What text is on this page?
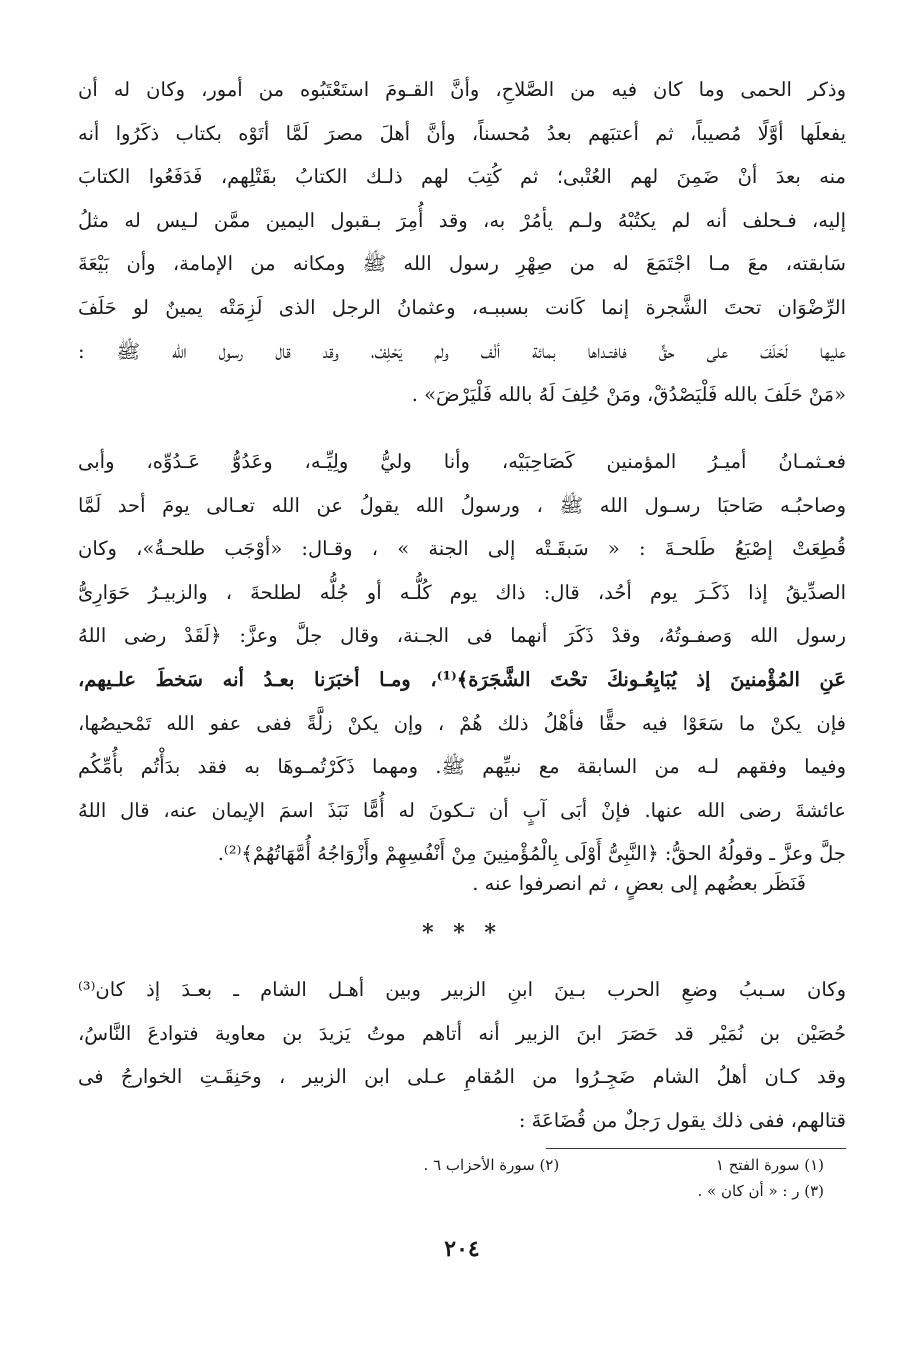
وذكر الحمى وما كان فيه من الصَّلاحِ، وأنَّ القـومَ استَعْتَبُوه من أمور، وكان له أن
يفعلَها أوَّلًا مُصيباً، ثم أعتبَهم بعدُ مُحسناً، وأنَّ أهلَ مصرَ لَمَّا أتَوْه بكتاب ذكَرُوا أنه
منه بعدَ أنْ ضَمِنَ لهم العُتْبى؛ ثم كُتِبَ لهم ذلـك الكتابُ بقَتْلِهم، فَدَفَعُوا الكتابَ
إليه، فـحلف أنه لم يكتُبْهُ ولـم يأمُرْ به، وقد أُمِرَ بـقبول اليمين ممَّن لـيس له مثلُ
سَابقته، معَ مـا اجْتَمَعَ له من صِهْرِ رسول الله ﷺ ومكانه من الإمامة، وأن بَيْعَةَ
الرِّضْوَان تحتَ الشَّجرة إنما كَانت بسببـه، وعثمانُ الرجل الذى لَزِمَتْه يمينٌ لو حَلَفَ
عليها لَحَلَفَ على حقٍّ فافتـداها بمائة ألْف ولم يَحْلِفْ، وقد قال رسول الله ﷺ :
«مَنْ حَلَفَ بالله فَلْيَصْدُقْ، ومَنْ حُلِفَ لَهُ بالله فَلْيَرْضَ» .
فعـثمـانُ أميـرُ المؤمنين كَصَاحِبَيْه، وأنا وليُّ ولِيِّـه، وعَدُوُّ عَـدُوِّه، وأبى
وصاحبُـه صَاحبَا رسـول الله ﷺ ، ورسولُ الله يقولُ عن الله تعـالى يومَ أحد لَمَّا
قُطِعَتْ إصْبَعُ طَلحـةَ : « سَبقَـتْه إلى الجنة » ، وقـال: «أوْجَب طلحـةُ»، وكان
الصدِّيقُ إذا ذَكَـرَ يوم أحُد، قال: ذاك يوم كُلُّـه أو جُلُّه لطلحةَ ، والزبيـرُ حَوَارِىُّ
رسول الله وَصفـوتُهُ، وقدْ ذَكَرَ أنهما فى الجـنة، وقال جلَّ وعزَّ: ﴿لَقَدْ رضى اللهُ
عَنِ المُؤْمنينَ إذ يُبَايِعُـونكَ تحْتَ الشَّجَرَة﴾⁽¹⁾، ومـا أخبَرَنا بعـدُ أنه سَخطَ علـيهم،
فإن يكنْ ما سَعَوْا فيه حقًّا فأهْلُ ذلك هُمْ ، وإن يكنْ زلَّةً ففى عفو الله تَمْحيصُها،
وفيما وفقهم لـه من السابقة مع نبيِّهم ﷺ. ومهما ذَكَرْتُمـوهَا به فقد بدَأْتُم بأُمِّكُم
عائشةَ رضى الله عنها. فإنْ أبَى آبٍ أن تـكونَ له أُمًّا نَبَذَ اسمَ الإيمان عنه، قال اللهُ
جلَّ وعزَّ ـ وقولُهُ الحقُّ: ﴿النَّبِىُّ أَوْلَى بِالْمُؤْمنِينَ مِنْ أَنْفُسِهِمْ وأَزْوَاجُهُ أُمَّهَاتُهُمْ﴾⁽²⁾.
فَنَظَر بعضُهم إلى بعضٍ ، ثم انصرفوا عنه .
* * *
وكان سـببُ وضعِ الحرب بـينَ ابنِ الزبير وبين أهـل الشام ـ بعـدَ إذ كان⁽³⁾
حُصَيْن بن نُمَيْر قد حَصَرَ ابنَ الزبير أنه أتاهم موتُ يَزيدَ بن معاوية فتوادعَ النَّاسُ،
وقد كـان أهلُ الشام ضَجِـرُوا من المُقامِ عـلى ابن الزبير ، وحَنِقَـتِ الخوارجُ فى
قتالهم، ففى ذلك يقول رَجلٌ من قُضَاعَةَ :
(١) سورة الفتح ١ (٢) سورة الأحزاب ٦ .
(٣) ر : « أن كان » .
٢٠٤
